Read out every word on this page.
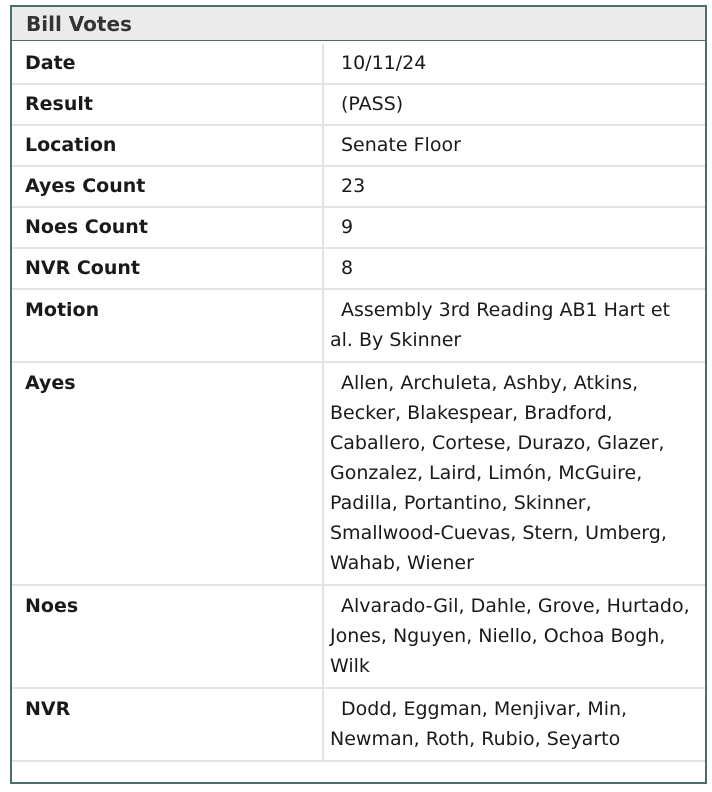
Bill Votes
Date	10/11/24
Result	(PASS)
Location	Senate Floor
Ayes Count	23
Noes Count	9
NVR Count	8
Motion	Assembly 3rd Reading AB1 Hart et al. By Skinner
Ayes	Allen, Archuleta, Ashby, Atkins, Becker, Blakespear, Bradford, Caballero, Cortese, Durazo, Glazer, Gonzalez, Laird, Limón, McGuire, Padilla, Portantino, Skinner, Smallwood-Cuevas, Stern, Umberg, Wahab, Wiener
Noes	Alvarado-Gil, Dahle, Grove, Hurtado, Jones, Nguyen, Niello, Ochoa Bogh, Wilk
NVR	Dodd, Eggman, Menjivar, Min, Newman, Roth, Rubio, Seyarto
